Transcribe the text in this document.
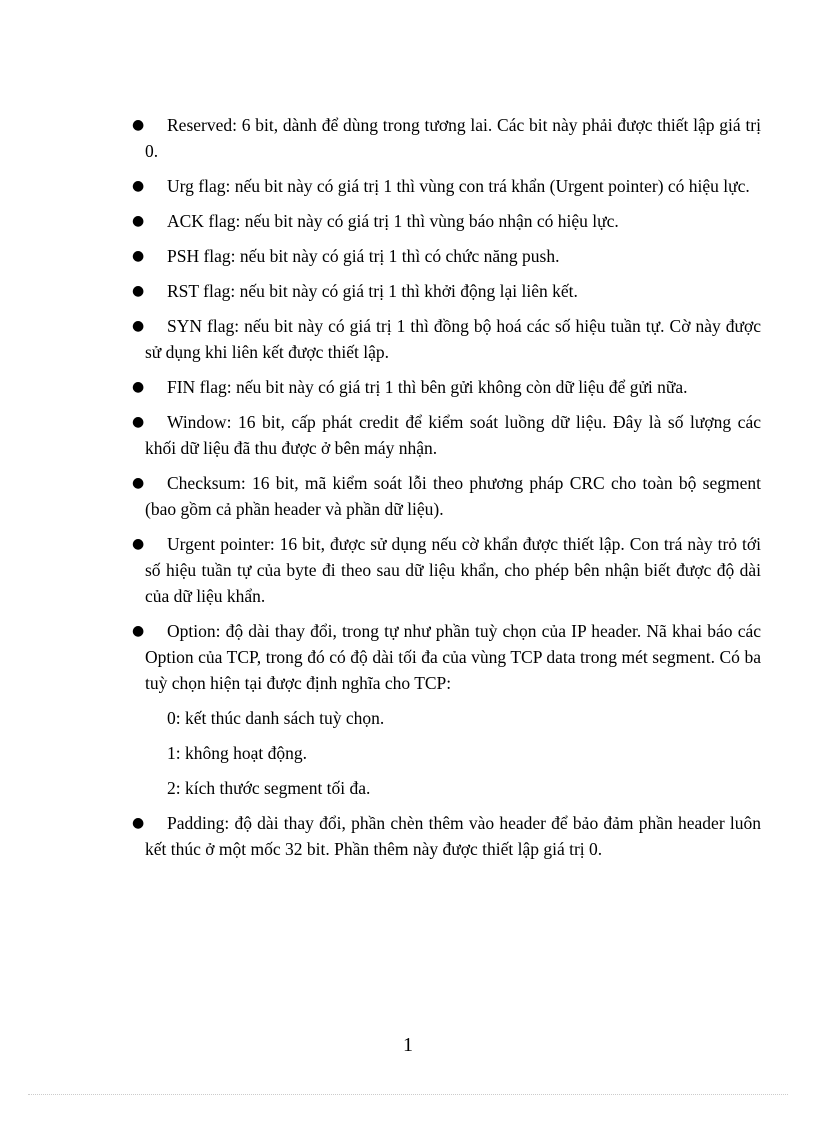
●	Reserved: 6 bit, dành để dùng trong tương lai. Các bit này phải được thiết lập giá trị 0.
●	Urg flag: nếu bit này có giá trị 1 thì vùng con trá khẩn (Urgent pointer) có hiệu lực.
●	ACK flag: nếu bit này có giá trị 1 thì vùng báo nhận có hiệu lực.
●	PSH flag: nếu bit này có giá trị 1 thì có chức năng push.
●	RST flag: nếu bit này có giá trị 1 thì khởi động lại liên kết.
●	SYN flag: nếu bit này có giá trị 1 thì đồng bộ hoá các số hiệu tuần tự. Cờ này được sử dụng khi liên kết được thiết lập.
●	FIN flag: nếu bit này có giá trị 1 thì bên gửi không còn dữ liệu để gửi nữa.
●	Window: 16 bit, cấp phát credit để kiểm soát luồng dữ liệu. Đây là số lượng các khối dữ liệu đã thu được ở bên máy nhận.
●	Checksum: 16 bit, mã kiểm soát lỗi theo phương pháp CRC cho toàn bộ segment (bao gồm cả phần header và phần dữ liệu).
●	Urgent pointer: 16 bit, được sử dụng nếu cờ khẩn được thiết lập. Con trá này trỏ tới số hiệu tuần tự của byte đi theo sau dữ liệu khẩn, cho phép bên nhận biết được độ dài của dữ liệu khẩn.
●	Option: độ dài thay đổi, trong tự như phần tuỳ chọn của IP header. Nã khai báo các Option của TCP, trong đó có độ dài tối đa của vùng TCP data trong mét segment. Có ba tuỳ chọn hiện tại được định nghĩa cho TCP:
0: kết thúc danh sách tuỳ chọn.
1: không hoạt động.
2: kích thước segment tối đa.
●	Padding: độ dài thay đổi, phần chèn thêm vào header để bảo đảm phần header luôn kết thúc ở một mốc 32 bit. Phần thêm này được thiết lập giá trị 0.
1
